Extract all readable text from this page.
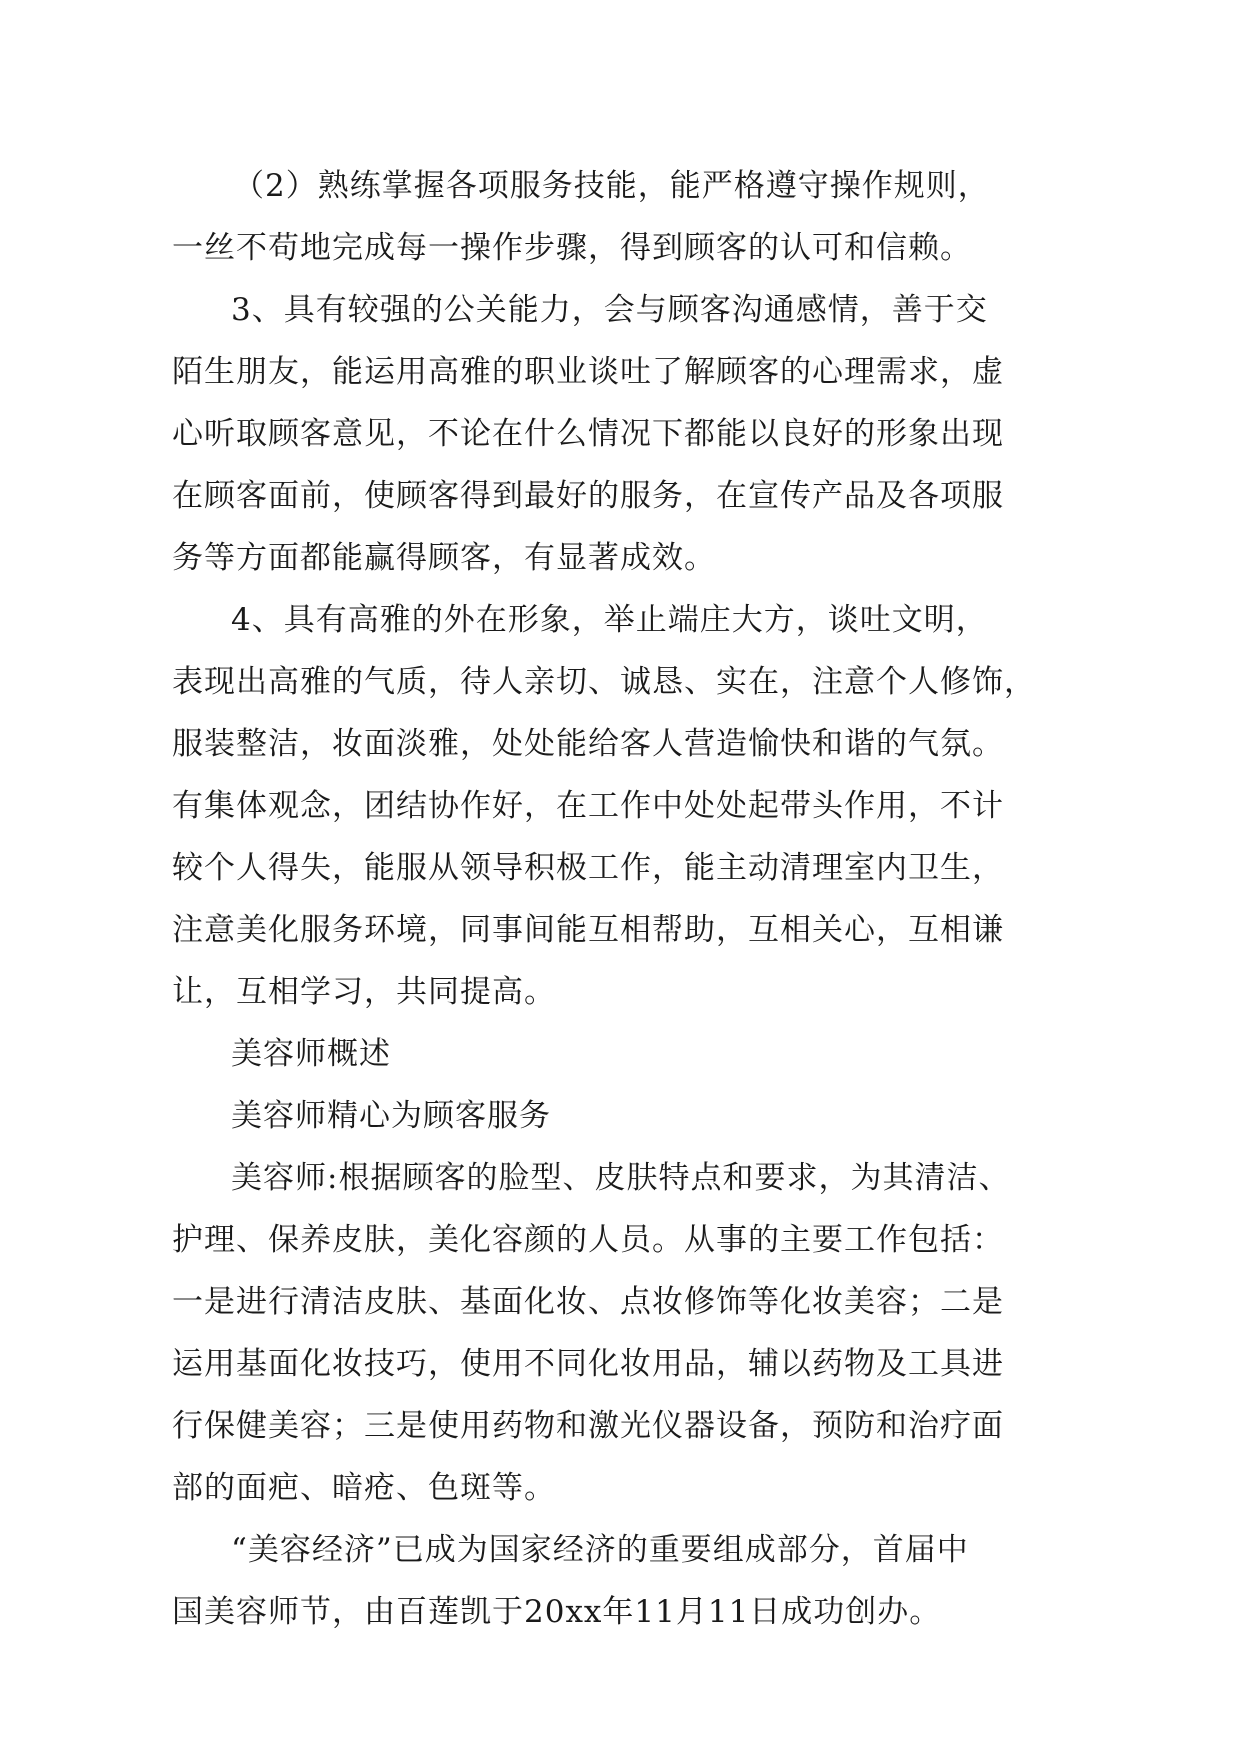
（2）熟练掌握各项服务技能，能严格遵守操作规则，
一丝不苟地完成每一操作步骤，得到顾客的认可和信赖。
3、具有较强的公关能力，会与顾客沟通感情，善于交
陌生朋友，能运用高雅的职业谈吐了解顾客的心理需求，虚
心听取顾客意见，不论在什么情况下都能以良好的形象出现
在顾客面前，使顾客得到最好的服务，在宣传产品及各项服
务等方面都能赢得顾客，有显著成效。
4、具有高雅的外在形象，举止端庄大方，谈吐文明，
表现出高雅的气质，待人亲切、诚恳、实在，注意个人修饰，
服装整洁，妆面淡雅，处处能给客人营造愉快和谐的气氛。
有集体观念，团结协作好，在工作中处处起带头作用，不计
较个人得失，能服从领导积极工作，能主动清理室内卫生，
注意美化服务环境，同事间能互相帮助，互相关心，互相谦
让，互相学习，共同提高。
美容师概述
美容师精心为顾客服务
美容师:根据顾客的脸型、皮肤特点和要求，为其清洁、
护理、保养皮肤，美化容颜的人员。从事的主要工作包括：
一是进行清洁皮肤、基面化妆、点妆修饰等化妆美容；二是
运用基面化妆技巧，使用不同化妆用品，辅以药物及工具进
行保健美容；三是使用药物和激光仪器设备，预防和治疗面
部的面疤、暗疮、色斑等。
“美容经济”已成为国家经济的重要组成部分，首届中
国美容师节，由百莲凯于20xx年11月11日成功创办。
